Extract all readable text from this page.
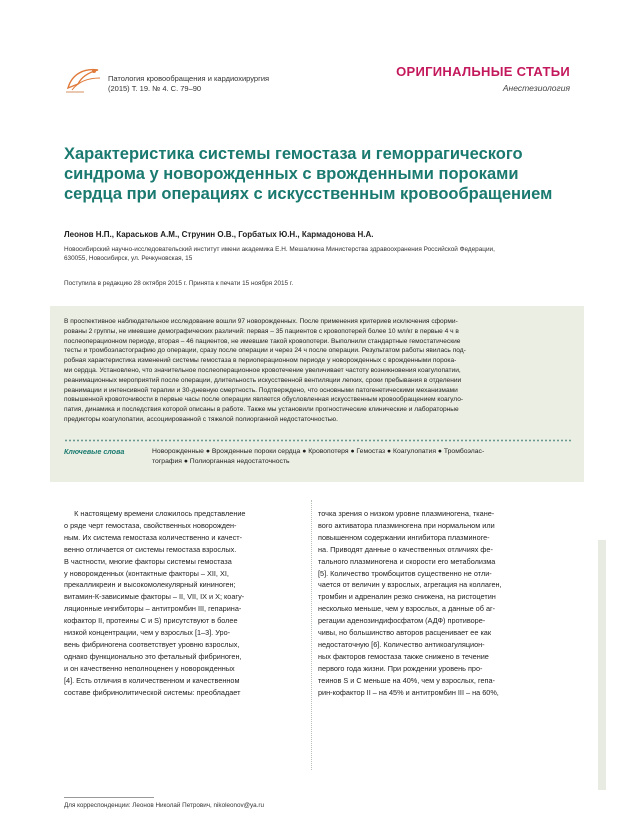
Патология кровообращения и кардиохирургия
(2015) Т. 19. № 4. С. 79–90
ОРИГИНАЛЬНЫЕ СТАТЬИ
Анестезиология
Характеристика системы гемостаза и геморрагического
синдрома у новорожденных с врожденными пороками
сердца при операциях с искусственным кровообращением
Леонов Н.П., Караськов А.М., Струнин О.В., Горбатых Ю.Н., Кармадонова Н.А.
Новосибирский научно-исследовательский институт имени академика Е.Н. Мешалкина Министерства здравоохранения Российской Федерации,
630055, Новосибирск, ул. Речкуновская, 15
Поступила в редакцию 28 октября 2015 г. Принята к печати 15 ноября 2015 г.
В проспективное наблюдательное исследование вошли 97 новорожденных. После применения критериев исключения сформи-
рованы 2 группы, не имевшие демографических различий: первая – 35 пациентов с кровопотерей более 10 мл/кг в первые 4 ч в
послеоперационном периоде, вторая – 46 пациентов, не имевшие такой кровопотери. Выполнили стандартные гемостатические
тесты и тромбоэластографию до операции, сразу после операции и через 24 ч после операции. Результатом работы явилась под-
робная характеристика изменений системы гемостаза в периоперационном периоде у новорожденных с врожденными порока-
ми сердца. Установлено, что значительное послеоперационное кровотечение увеличивает частоту возникновения коагулопатии,
реанимационных мероприятий после операции, длительность искусственной вентиляции легких, сроки пребывания в отделении
реанимации и интенсивной терапии и 30-дневную смертность. Подтверждено, что основными патогенетическими механизмами
повышенной кровоточивости в первые часы после операции является обусловленная искусственным кровообращением коагуло-
патия, динамика и последствия которой описаны в работе. Также мы установили прогностические клинические и лабораторные
предикторы коагулопатии, ассоциированной с тяжелой полиорганной недостаточностью.
Ключевые слова	Новорожденные ● Врожденные пороки сердца ● Кровопотеря ● Гемостаз ● Коагулопатия ● Тромбоэлас-
тография ● Полиорганная недостаточность
К настоящему времени сложилось представление
о ряде черт гемостаза, свойственных новорожден-
ным. Их система гемостаза количественно и качест-
венно отличается от системы гемостаза взрослых.
В частности, многие факторы системы гемостаза
у новорожденных (контактные факторы – XII, XI,
прекалликреин и высокомолекулярный кининоген;
витамин-К-зависимые факторы – II, VII, IX и X; коагу-
ляционные ингибиторы – антитромбин III, гепарина-
кофактор II, протеины С и S) присутствуют в более
низкой концентрации, чем у взрослых [1–3]. Уро-
вень фибриногена соответствует уровню взрослых,
однако функционально это фетальный фибриноген,
и он качественно неполноценен у новорожденных
[4]. Есть отличия в количественном и качественном
составе фибринолитической системы: преобладает
точка зрения о низком уровне плазминогена, ткане-
вого активатора плазминогена при нормальном или
повышенном содержании ингибитора плазминоге-
на. Приводят данные о качественных отличиях фе-
тального плазминогена и скорости его метаболизма
[5]. Количество тромбоцитов существенно не отли-
чается от величин у взрослых, агрегация на коллаген,
тромбин и адреналин резко снижена, на ристоцетин
несколько меньше, чем у взрослых, а данные об аг-
регации аденозиндифосфатом (АДФ) противоре-
чивы, но большинство авторов расценивает ее как
недостаточную [6]. Количество антикоагуляцион-
ных факторов гемостаза также снижено в течение
первого года жизни. При рождении уровень про-
теинов S и С меньше на 40%, чем у взрослых, гепа-
рин-кофактор II – на 45% и антитромбин III – на 60%,
Для корреспонденции: Леонов Николай Петрович, nikoleonov@ya.ru
